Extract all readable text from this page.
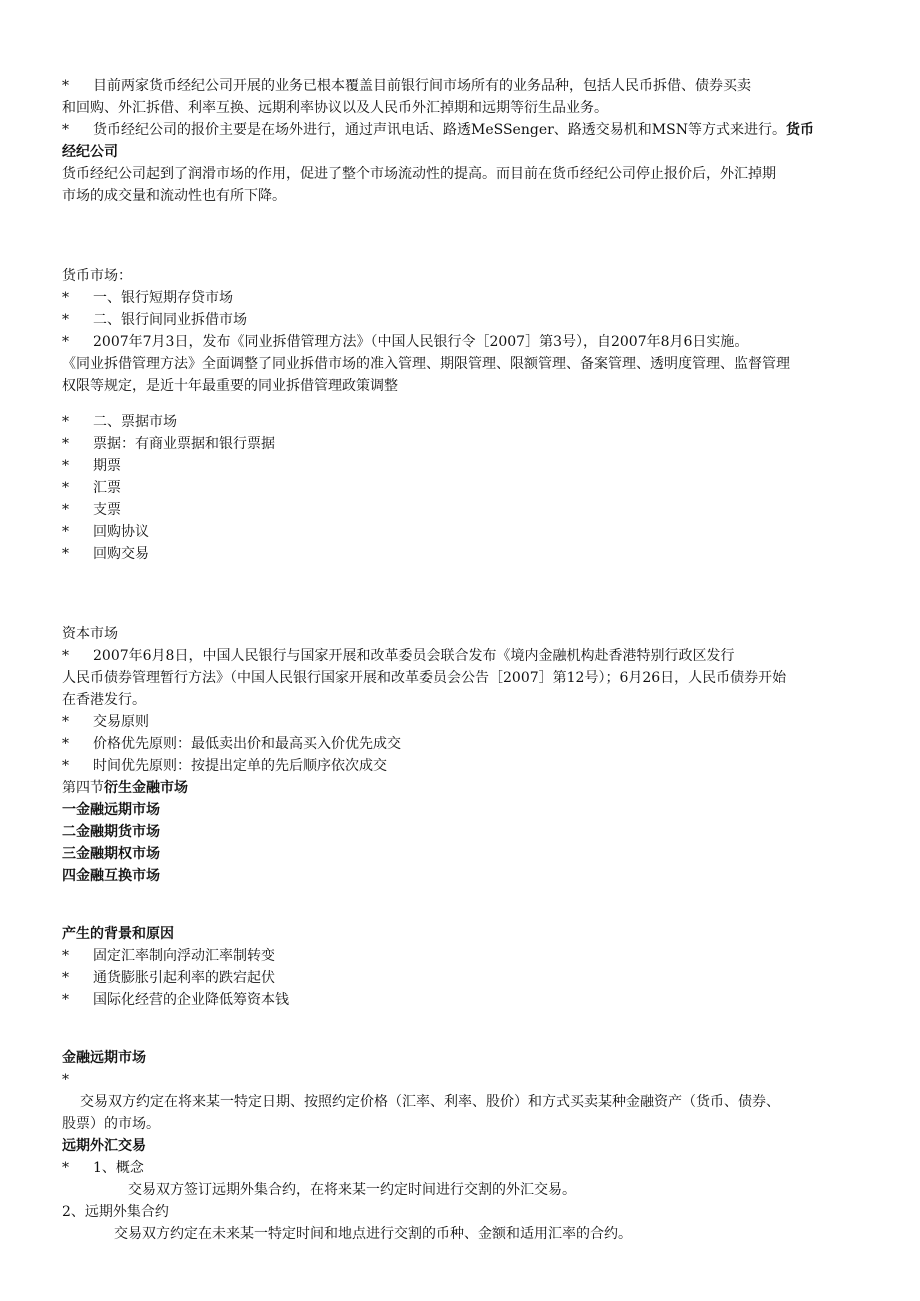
* 目前两家货币经纪公司开展的业务已根本覆盖目前银行间市场所有的业务品种，包括人民币拆借、债券买卖
和回购、外汇拆借、利率互换、远期利率协议以及人民币外汇掉期和远期等衍生品业务。
* 货币经纪公司的报价主要是在场外进行，通过声讯电话、路透MeSSenger、路透交易机和MSN等方式来进行。货币
经纪公司
货币经纪公司起到了润滑市场的作用，促进了整个市场流动性的提高。而目前在货币经纪公司停止报价后，外汇掉期
市场的成交量和流动性也有所下降。
货币市场：
* 一、银行短期存贷市场
* 二、银行间同业拆借市场
* 2007年7月3日，发布《同业拆借管理方法》（中国人民银行令［2007］第3号），自2007年8月6日实施。
《同业拆借管理方法》全面调整了同业拆借市场的准入管理、期限管理、限额管理、备案管理、透明度管理、监督管理
权限等规定，是近十年最重要的同业拆借管理政策调整
* 二、票据市场
* 票据：有商业票据和银行票据
* 期票
* 汇票
* 支票
* 回购协议
* 回购交易
资本市场
* 2007年6月8日，中国人民银行与国家开展和改革委员会联合发布《境内金融机构赴香港特别行政区发行
人民币债券管理暂行方法》（中国人民银行国家开展和改革委员会公告［2007］第12号）；6月26日，人民币债券开始
在香港发行。
* 交易原则
* 价格优先原则：最低卖出价和最高买入价优先成交
* 时间优先原则：按提出定单的先后顺序依次成交
第四节衍生金融市场
一金融远期市场
二金融期货市场
三金融期权市场
四金融互换市场
产生的背景和原因
* 固定汇率制向浮动汇率制转变
* 通货膨胀引起利率的跌宕起伏
* 国际化经营的企业降低筹资本钱
金融远期市场
*
交易双方约定在将来某一特定日期、按照约定价格（汇率、利率、股价）和方式买卖某种金融资产（货币、债券、
股票）的市场。
远期外汇交易
* 1、概念
交易双方签订远期外集合约，在将来某一约定时间进行交割的外汇交易。
2、远期外集合约
交易双方约定在未来某一特定时间和地点进行交割的币种、金额和适用汇率的合约。
